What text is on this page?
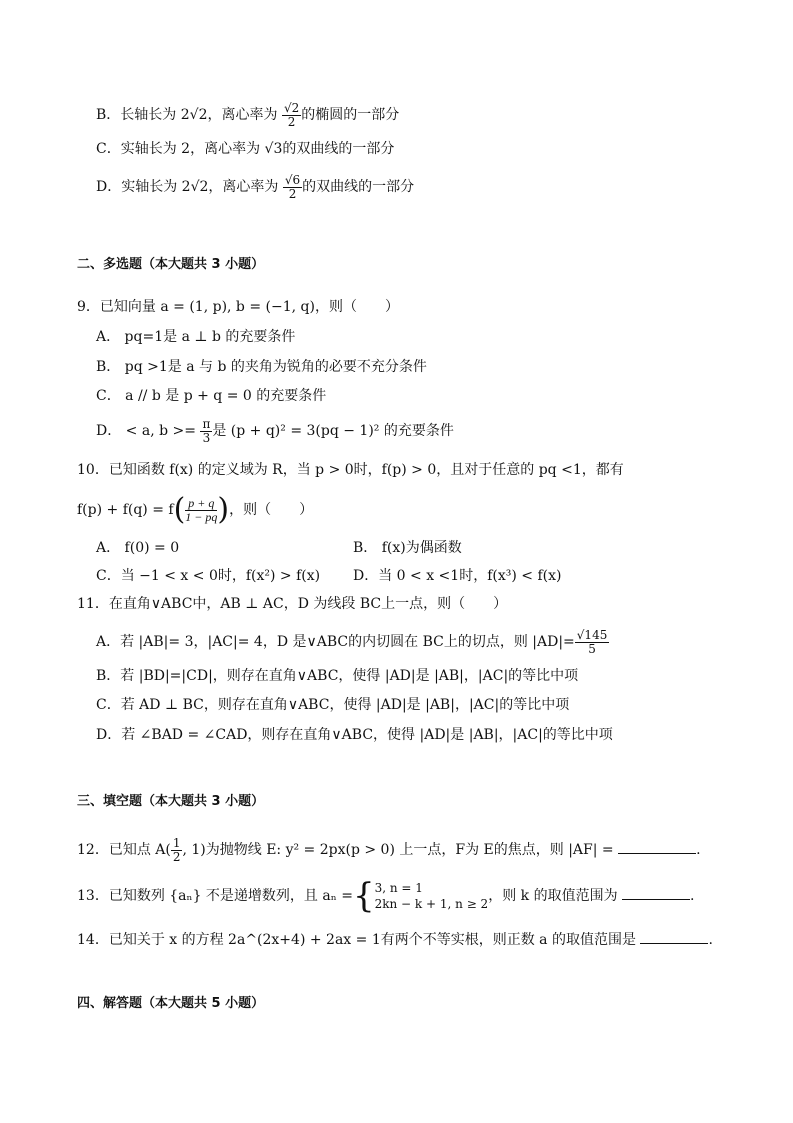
B．长轴长为 2√2，离心率为 $\frac{√2}{2}$ 的椭圆的一部分
C．实轴长为 2，离心率为 √3的双曲线的一部分
D．实轴长为 2√2，离心率为 $\frac{√6}{2}$ 的双曲线的一部分
二、多选题（本大题共 3 小题）
9．已知向量 a = (1, p), b = (−1, q)，则（　　）
A． pq=1是 a ⊥ b 的充要条件
B． pq >1是 a 与 b 的夹角为锐角的必要不充分条件
C． a // b 是 p + q = 0 的充要条件
D． < a, $b >= \frac{\pi}{3}$ 是 (p + q)² = 3(pq − 1)² 的充要条件
10．已知函数 f(x) 的定义域为 R，当 p > 0时，f(p) > 0，且对于任意的 pq <1，都有
$f(p) + f(q) = f( \frac{p + q}{1 - pq}$ )，则（　　）
A． f(0) = 0	B． f(x)为偶函数
C．当 −1 < x < 0时，f(x²) > f(x) D．当 0 < x <1时，f(x³) < f(x)
11．在直角∨ABC中，AB ⊥ AC，D 为线段 BC上一点，则（　　）
A．若 |AB|= 3，|AC|= 4，D 是∨ABC的内切圆在 BC上的切点，则 $|AD|= \frac{√145}{5}$
B．若 |BD|=|CD|，则存在直角∨ABC，使得 |AD|是 |AB|，|AC|的等比中项
C．若 AD ⊥ BC，则存在直角∨ABC，使得 |AD|是 |AB|，|AC|的等比中项
D．若 ∠BAD = ∠CAD，则存在直角∨ABC，使得 |AD|是 |AB|，|AC|的等比中项
三、填空题（本大题共 3 小题）
12．已知点 $A( \frac{1}{2}$ , 1)为抛物线 E: y² = 2px(p > 0) 上一点，F为 E的焦点，则 |AF| =	.
13．已知数列 {aₙ} 不是递增数列，且 aₙ ={ 3, n = 1
2kn − k + 1, n ≥ 2 ，则 k 的取值范围为	.
14．已知关于 x 的方程 2a^(2x+4) + 2ax = 1有两个不等实根，则正数 a 的取值范围是	.
四、解答题（本大题共 5 小题）
